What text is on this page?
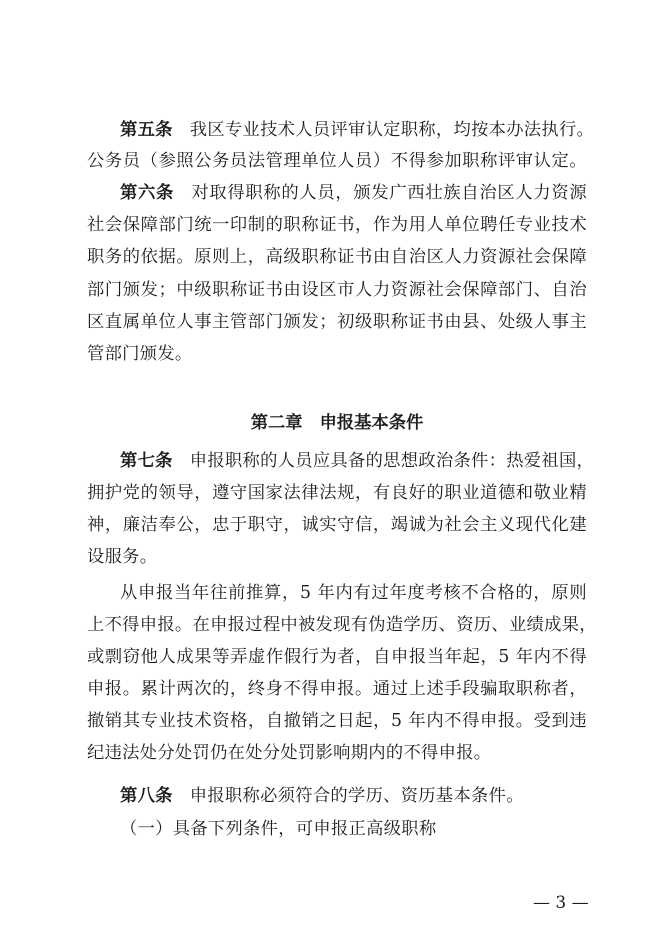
第五条 我区专业技术人员评审认定职称，均按本办法执行。
公务员（参照公务员法管理单位人员）不得参加职称评审认定。
第六条 对取得职称的人员，颁发广西壮族自治区人力资源
社会保障部门统一印制的职称证书，作为用人单位聘任专业技术
职务的依据。原则上，高级职称证书由自治区人力资源社会保障
部门颁发；中级职称证书由设区市人力资源社会保障部门、自治
区直属单位人事主管部门颁发；初级职称证书由县、处级人事主
管部门颁发。
第二章 申报基本条件
第七条 申报职称的人员应具备的思想政治条件：热爱祖国，
拥护党的领导，遵守国家法律法规，有良好的职业道德和敬业精
神，廉洁奉公，忠于职守，诚实守信，竭诚为社会主义现代化建
设服务。
从申报当年往前推算，5 年内有过年度考核不合格的，原则
上不得申报。在申报过程中被发现有伪造学历、资历、业绩成果，
或剽窃他人成果等弄虚作假行为者，自申报当年起，5 年内不得
申报。累计两次的，终身不得申报。通过上述手段骗取职称者，
撤销其专业技术资格，自撤销之日起，5 年内不得申报。受到违
纪违法处分处罚仍在处分处罚影响期内的不得申报。
第八条 申报职称必须符合的学历、资历基本条件。
（一）具备下列条件，可申报正高级职称
— 3 —
